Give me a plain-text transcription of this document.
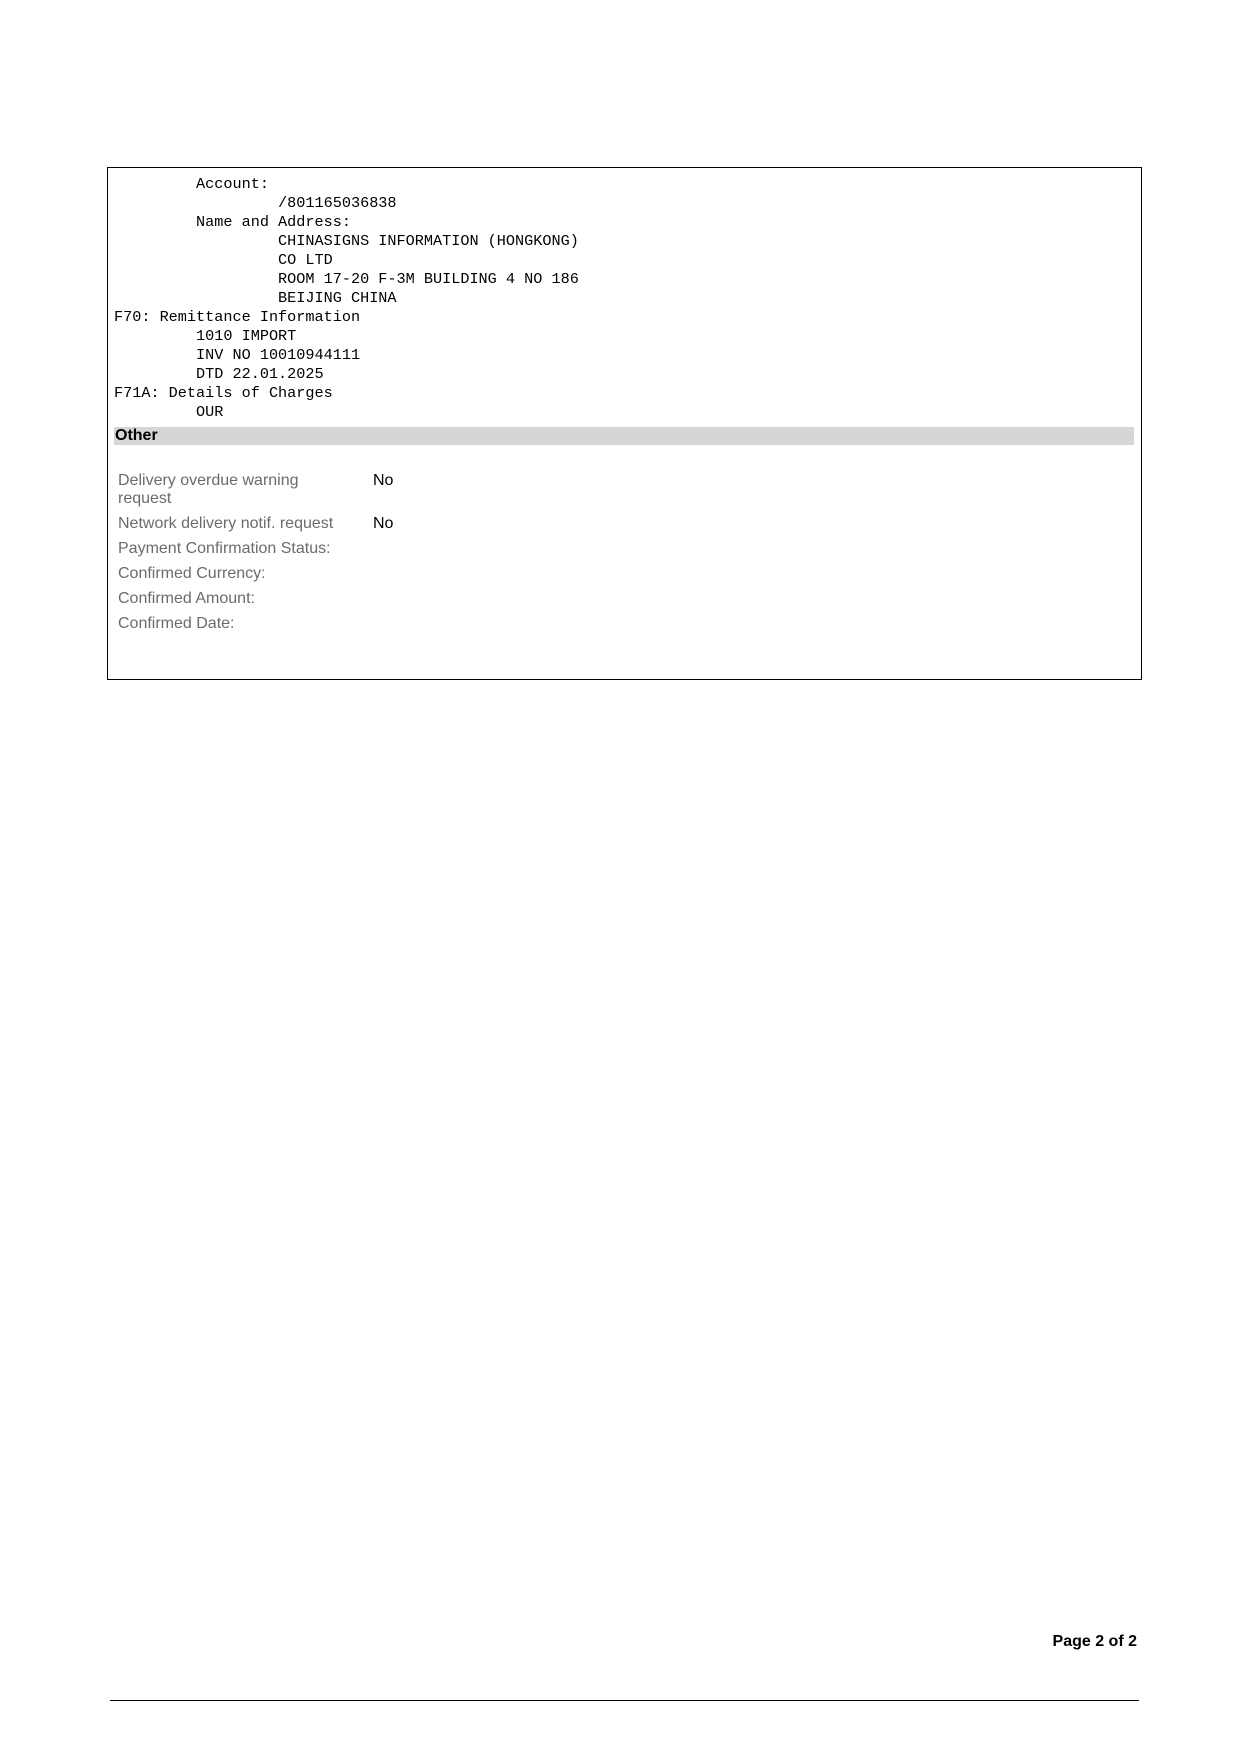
Account:
/801165036838
Name and Address:
CHINASIGNS INFORMATION (HONGKONG)
CO LTD
ROOM 17-20 F-3M BUILDING 4 NO 186
BEIJING CHINA
F70: Remittance Information
1010 IMPORT
INV NO 10010944111
DTD 22.01.2025
F71A: Details of Charges
OUR
Other
Delivery overdue warning request
No
Network delivery notif. request	No
Payment Confirmation Status:
Confirmed Currency:
Confirmed Amount:
Confirmed Date:
Page 2 of 2
